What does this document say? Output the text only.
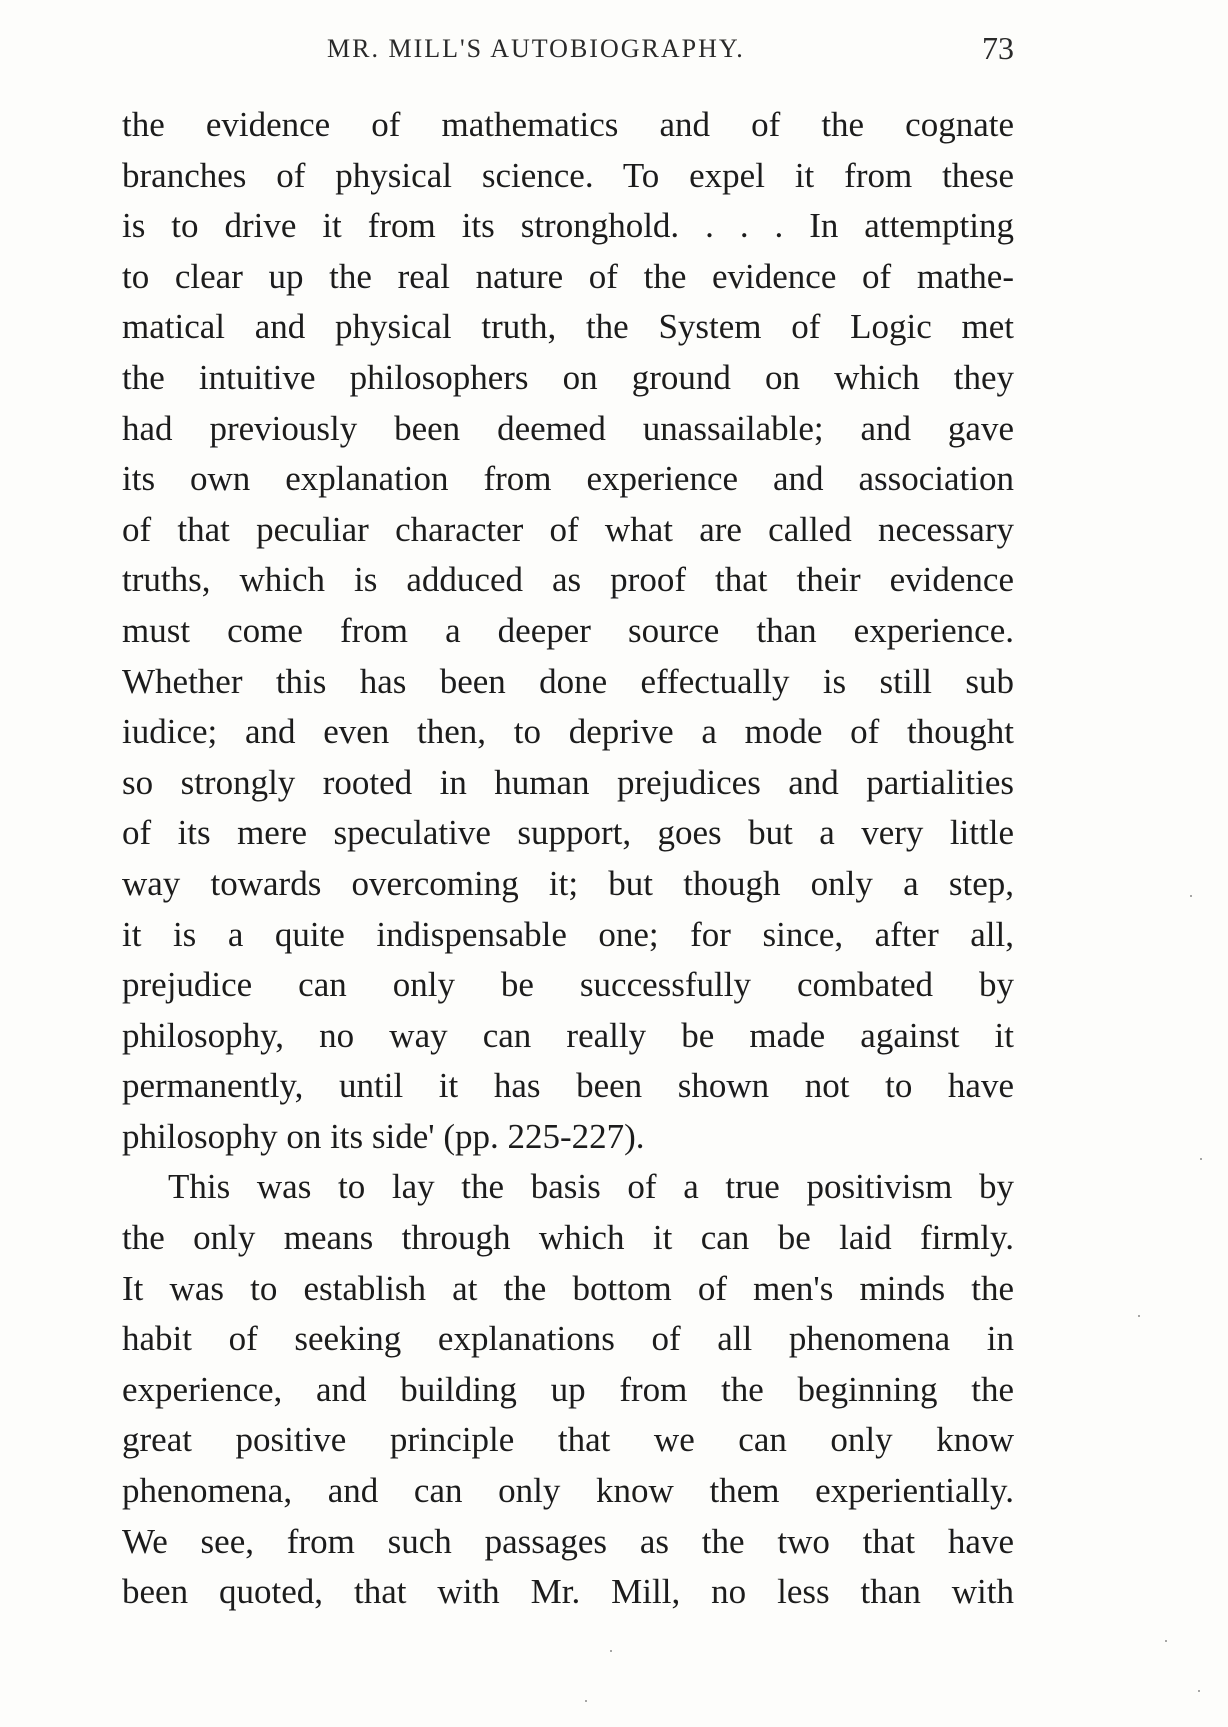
MR. MILL'S AUTOBIOGRAPHY.	73
the evidence of mathematics and of the cognate
branches of physical science. To expel it from these
is to drive it from its stronghold. . . . In attempting
to clear up the real nature of the evidence of mathe-
matical and physical truth, the System of Logic met
the intuitive philosophers on ground on which they
had previously been deemed unassailable; and gave
its own explanation from experience and association
of that peculiar character of what are called necessary
truths, which is adduced as proof that their evidence
must come from a deeper source than experience.
Whether this has been done effectually is still sub
iudice; and even then, to deprive a mode of thought
so strongly rooted in human prejudices and partialities
of its mere speculative support, goes but a very little
way towards overcoming it; but though only a step,
it is a quite indispensable one; for since, after all,
prejudice can only be successfully combated by
philosophy, no way can really be made against it
permanently, until it has been shown not to have
philosophy on its side' (pp. 225-227).
This was to lay the basis of a true positivism by
the only means through which it can be laid firmly.
It was to establish at the bottom of men's minds the
habit of seeking explanations of all phenomena in
experience, and building up from the beginning the
great positive principle that we can only know
phenomena, and can only know them experientially.
We see, from such passages as the two that have
been quoted, that with Mr. Mill, no less than with
